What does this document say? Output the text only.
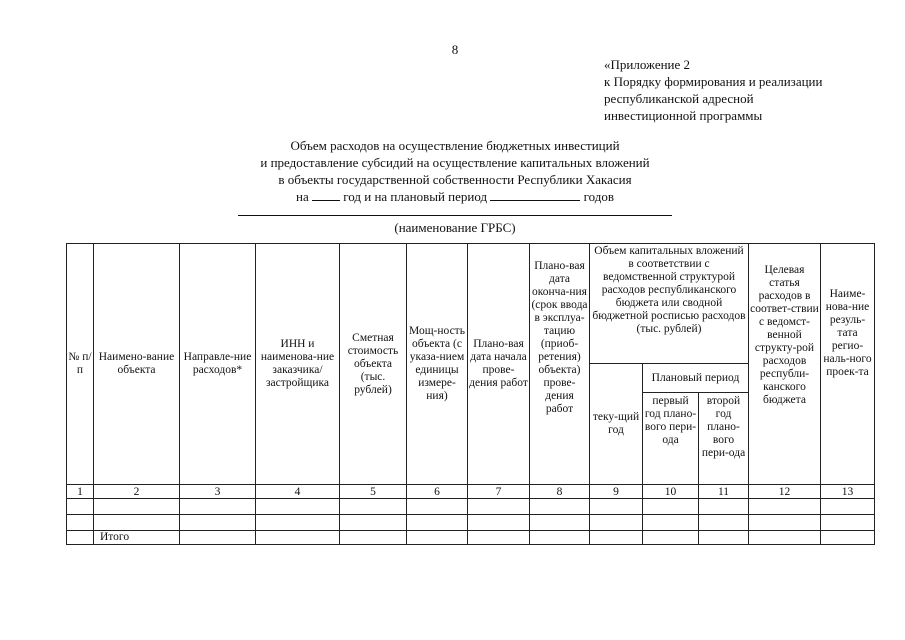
8
«Приложение 2
к Порядку формирования и реализации
республиканской адресной
инвестиционной программы
Объем расходов на осуществление бюджетных инвестиций
и предоставление субсидий на осуществление капитальных вложений
в объекты государственной собственности Республики Хакасия
на	год и на плановый период	годов
(наименование ГРБС)
№ п/п	Наимено-вание объекта	Направле-ние расходов*	ИНН и наименова-ние заказчика/ застройщика	Сметная стоимость объекта (тыс. рублей)	Мощ-ность объекта (с указа-нием единицы измере-ния)	Плано-вая дата начала прове-дения работ	Плано-вая дата оконча-ния (срок ввода в эксплуа-тацию (приоб-ретения) объекта) прове-дения работ	Объем капитальных вложений в соответствии с ведомственной структурой расходов республиканского бюджета или сводной бюджетной росписью расходов (тыс. рублей)			Целевая статья расходов в соответ-ствии с ведомст-венной структу-рой расходов республи-канского бюджета	Наиме-нова-ние резуль-тата регио-наль-ного проек-та
								теку-щий год	Плановый период			
									первый год плано-вого пери-ода	второй год плано-вого пери-ода		
1	2	3	4	5	6	7	8	9	10	11	12	13

	Итого											
